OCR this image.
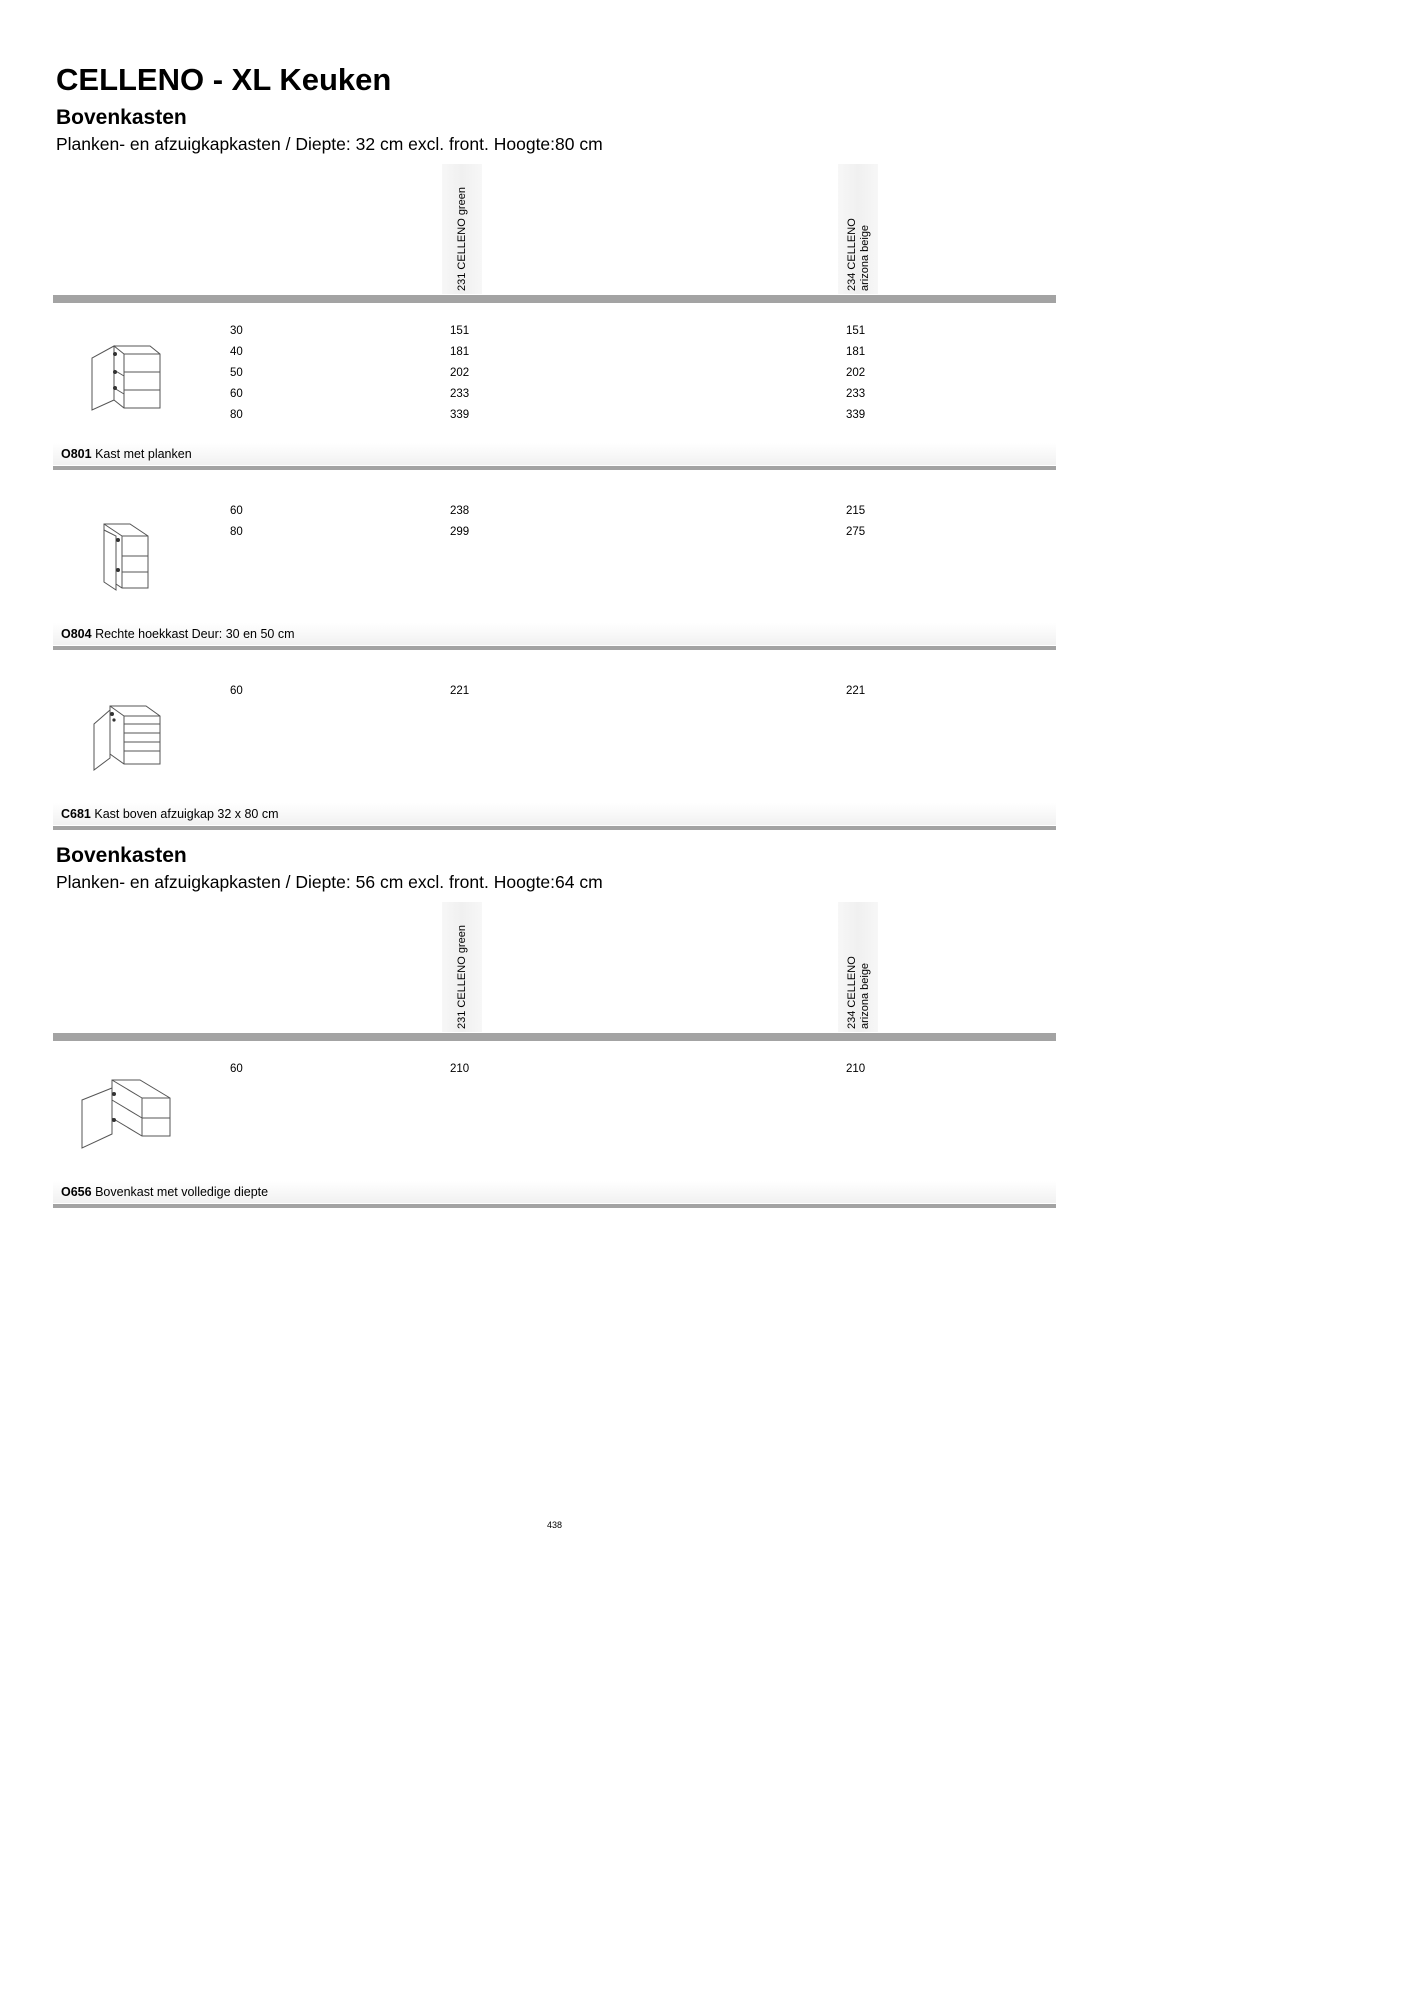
CELLENO - XL Keuken
Bovenkasten
Planken- en afzuigkapkasten / Diepte: 32 cm excl. front. Hoogte:80 cm
231 CELLENO green	234 CELLENO arizona beige
30	151	151
40	181	181
50	202	202
60	233	233
80	339	339
O801 Kast met planken
60	238	215
80	299	275
O804 Rechte hoekkast Deur: 30 en 50 cm
60	221	221
C681 Kast boven afzuigkap 32 x 80 cm
Bovenkasten
Planken- en afzuigkapkasten / Diepte: 56 cm excl. front. Hoogte:64 cm
231 CELLENO green	234 CELLENO arizona beige
60	210	210
O656 Bovenkast met volledige diepte
438
